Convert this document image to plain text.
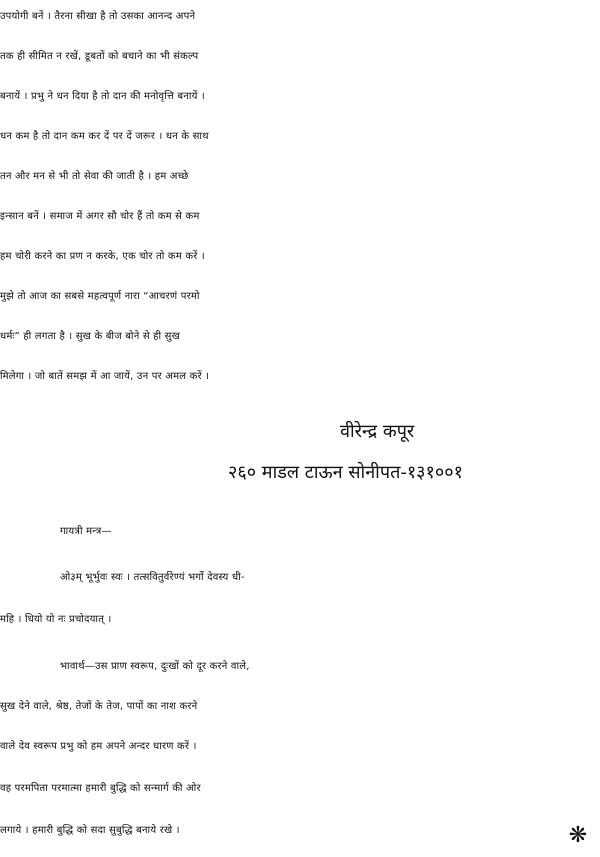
उपयोगी बनें । तैरना सीखा है तो उसका आनन्द अपने
तक ही सीमित न रखें, डूबतों को बचाने का भी संकल्प
बनायें । प्रभु ने धन दिया है तो दान की मनोवृत्ति बनायें ।
धन कम है तो दान कम कर दें पर दें जरूर । धन के साथ
तन और मन से भी तो सेवा की जाती है । हम अच्छे
इन्सान बनें । समाज में अगर सौ चोर हैं तो कम से कम
हम चोरी करने का प्रण न करके, एक चोर तो कम करें ।
मुझे तो आज का सबसे महत्वपूर्ण नारा “आचरणं परमो
धर्मः” ही लगता है । सुख के बीज बोने से ही सुख
मिलेगा । जो बातें समझ में आ जायें, उन पर अमल करें ।
वीरेन्द्र कपूर
२६० माडल टाऊन सोनीपत-१३१००१
गायत्री मन्त्र—
ओ३म् भूर्भुवः स्वः । तत्सवितुर्वरेण्यं भर्गो देवस्य धी-
महि । धियो यो नः प्रचोदयात् ।
भावार्थ—उस प्राण स्वरूप, दुःखों को दूर करने वाले,
सुख देने वाले, श्रेष्ठ, तेजों के तेज, पापों का नाश करने
वाले देव स्वरूप प्रभु को हम अपने अन्दर धारण करें ।
वह परमपिता परमात्मा हमारी बुद्धि को सन्मार्ग की ओर
लगाये । हमारी बुद्धि को सदा सुबुद्धि बनाये रखे ।	❋
